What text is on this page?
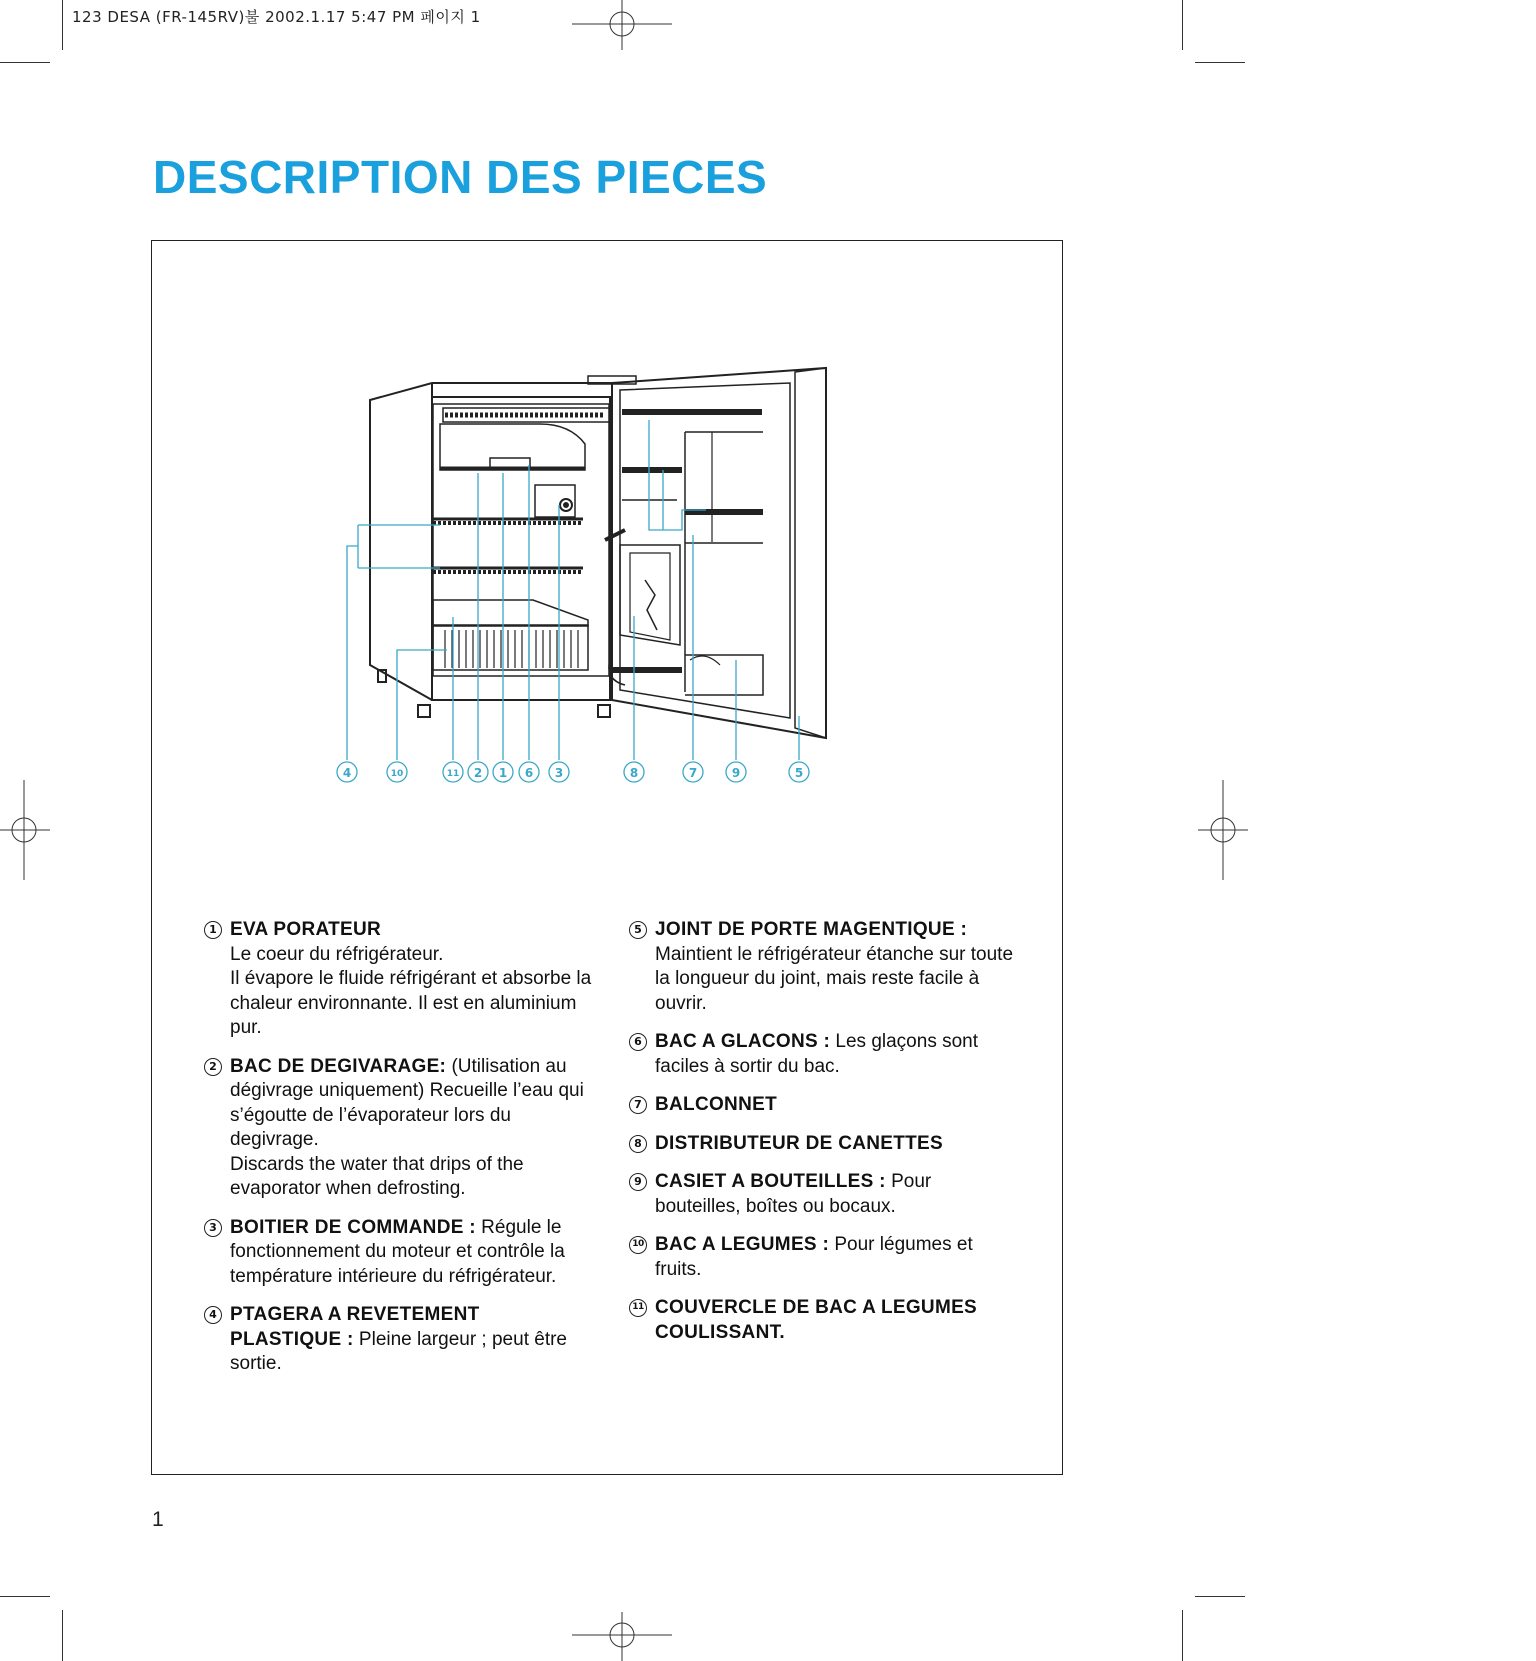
123 DESA (FR-145RV)불 2002.1.17 5:47 PM 페이지 1
DESCRIPTION DES PIECES
4	10	11 2 1 6 3	8	7	9	5
1 EVA PORATEUR
Le coeur du réfrigérateur.
Il évapore le fluide réfrigérant et absorbe la
chaleur environnante. Il est en aluminium
pur.
2 BAC DE DEGIVARAGE: (Utilisation au
dégivrage uniquement) Recueille l’eau qui
s’égoutte de l’évaporateur lors du
degivrage.
Discards the water that drips of the
evaporator when defrosting.
3 BOITIER DE COMMANDE : Régule le
fonctionnement du moteur et contrôle la
température intérieure du réfrigérateur.
4 PTAGERA A REVETEMENT
PLASTIQUE : Pleine largeur ; peut être
sortie.
5 JOINT DE PORTE MAGENTIQUE :
Maintient le réfrigérateur étanche sur toute
la longueur du joint, mais reste facile à
ouvrir.
6 BAC A GLACONS : Les glaçons sont
faciles à sortir du bac.
7 BALCONNET
8 DISTRIBUTEUR DE CANETTES
9 CASIET A BOUTEILLES : Pour
bouteilles, boîtes ou bocaux.
10 BAC A LEGUMES : Pour légumes et
fruits.
11 COUVERCLE DE BAC A LEGUMES
COULISSANT.
1
